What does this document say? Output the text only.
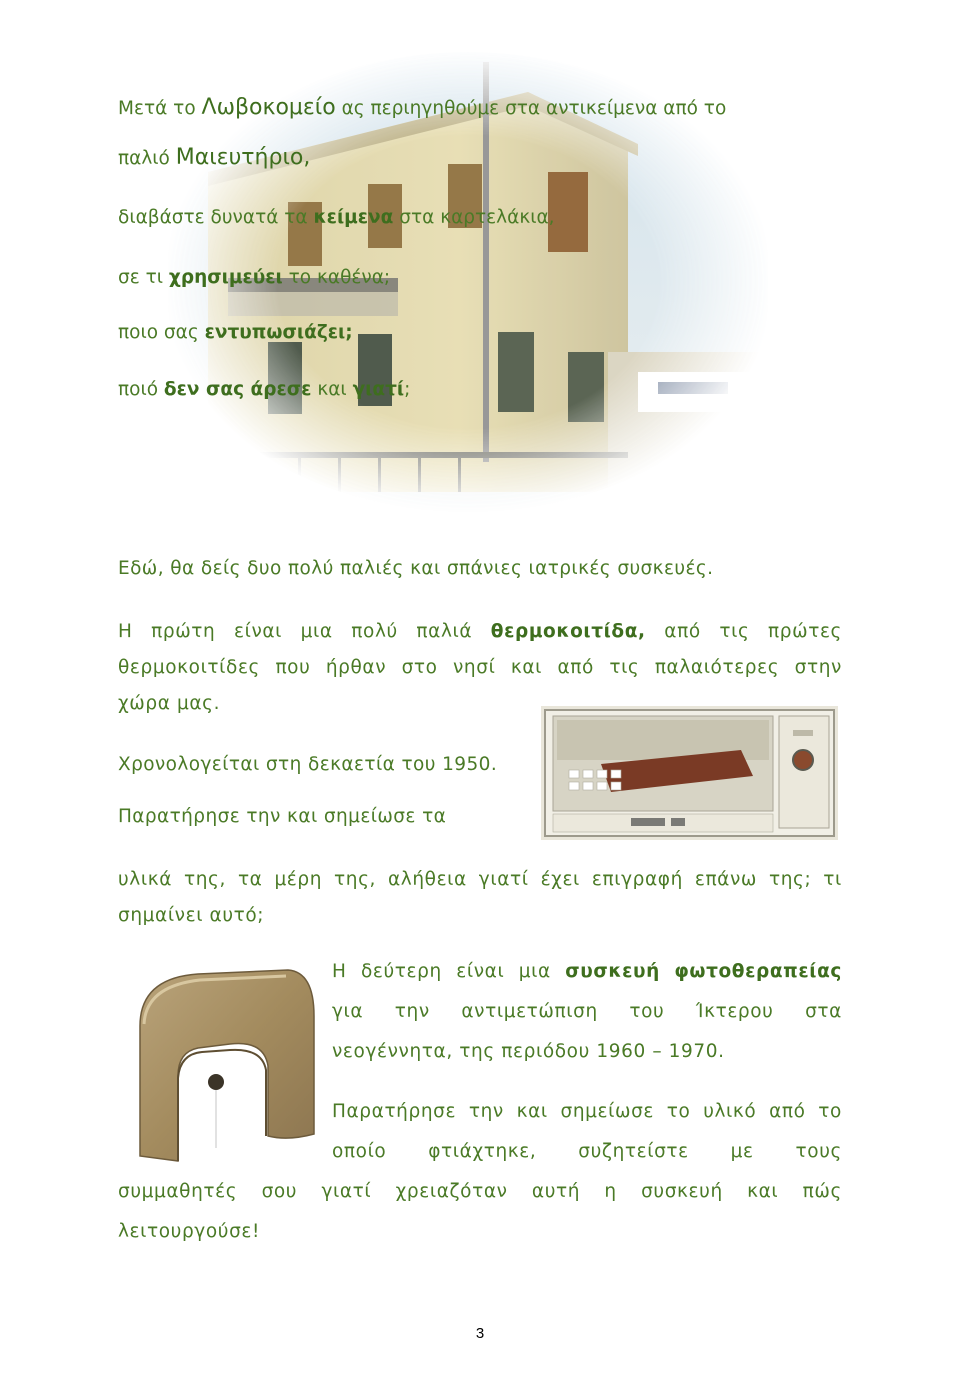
Μετά το Λωβοκομείο ας περιηγηθούμε στα αντικείμενα από το
παλιό Μαιευτήριο,
διαβάστε δυνατά τα κείμενα στα καρτελάκια,
σε τι χρησιμεύει το καθένα;
ποιο σας εντυπωσιάζει;
ποιό δεν σας άρεσε και γιατί;
Εδώ, θα δείς δυο πολύ παλιές και σπάνιες ιατρικές συσκευές.
Η πρώτη είναι μια πολύ παλιά θερμοκοιτίδα, από τις πρώτες
θερμοκοιτίδες που ήρθαν στο νησί και από τις παλαιότερες στην
χώρα μας.
Χρονολογείται στη δεκαετία του 1950.
Παρατήρησε την και σημείωσε τα
υλικά της, τα μέρη της, αλήθεια γιατί έχει επιγραφή επάνω της; τι
σημαίνει αυτό;
Η δεύτερη είναι μια συσκευή φωτοθεραπείας
για την αντιμετώπιση του Ίκτερου στα
νεογέννητα, της περιόδου 1960 – 1970.
Παρατήρησε την και σημείωσε το υλικό από το
οποίο φτιάχτηκε, συζητείστε με τους
συμμαθητές σου γιατί χρειαζόταν αυτή η συσκευή και πώς
λειτουργούσε!
3
